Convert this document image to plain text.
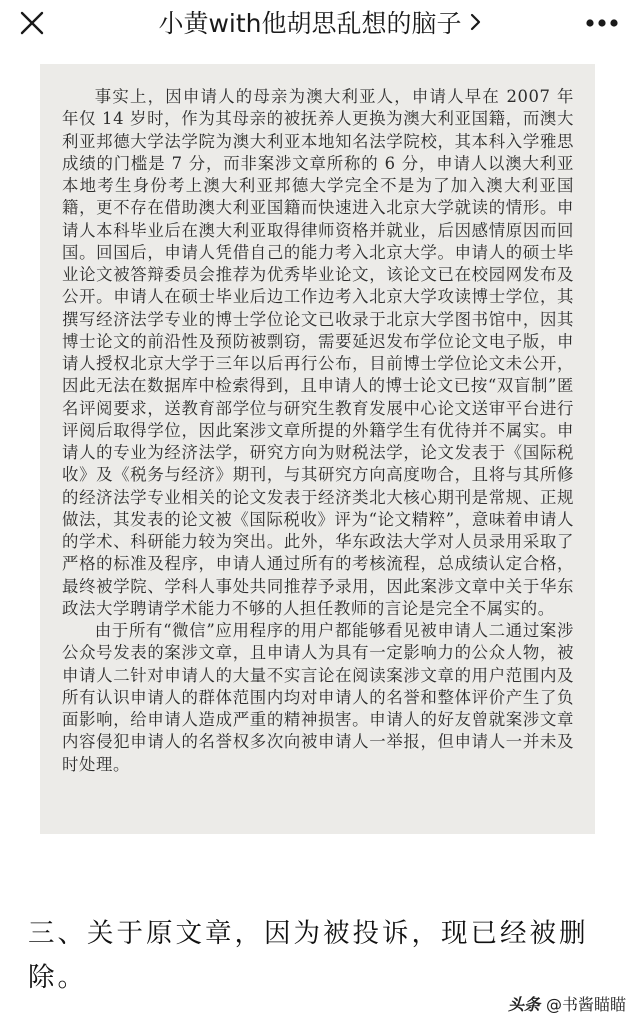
小黄with他胡思乱想的脑子

事实上，因申请人的母亲为澳大利亚人，申请人早在 2007 年年仅 14 岁时，作为其母亲的被抚养人更换为澳大利亚国籍，而澳大利亚邦德大学法学院为澳大利亚本地知名法学院校，其本科入学雅思成绩的门槛是 7 分，而非案涉文章所称的 6 分，申请人以澳大利亚本地考生身份考上澳大利亚邦德大学完全不是为了加入澳大利亚国籍，更不存在借助澳大利亚国籍而快速进入北京大学就读的情形。申请人本科毕业后在澳大利亚取得律师资格并就业，后因感情原因而回国。回国后，申请人凭借自己的能力考入北京大学。申请人的硕士毕业论文被答辩委员会推荐为优秀毕业论文，该论文已在校园网发布及公开。申请人在硕士毕业后边工作边考入北京大学攻读博士学位，其撰写经济法学专业的博士学位论文已收录于北京大学图书馆中，因其博士论文的前沿性及预防被剽窃，需要延迟发布学位论文电子版，申请人授权北京大学于三年以后再行公布，目前博士学位论文未公开，因此无法在数据库中检索得到，且申请人的博士论文已按“双盲制”匿名评阅要求，送教育部学位与研究生教育发展中心论文送审平台进行评阅后取得学位，因此案涉文章所提的外籍学生有优待并不属实。申请人的专业为经济法学，研究方向为财税法学，论文发表于《国际税收》及《税务与经济》期刊，与其研究方向高度吻合，且将与其所修的经济法学专业相关的论文发表于经济类北大核心期刊是常规、正规做法，其发表的论文被《国际税收》评为“论文精粹”，意味着申请人的学术、科研能力较为突出。此外，华东政法大学对人员录用采取了严格的标准及程序，申请人通过所有的考核流程，总成绩认定合格，最终被学院、学科人事处共同推荐予录用，因此案涉文章中关于华东政法大学聘请学术能力不够的人担任教师的言论是完全不属实的。

由于所有“微信”应用程序的用户都能够看见被申请人二通过案涉公众号发表的案涉文章，且申请人为具有一定影响力的公众人物，被申请人二针对申请人的大量不实言论在阅读案涉文章的用户范围内及所有认识申请人的群体范围内均对申请人的名誉和整体评价产生了负面影响，给申请人造成严重的精神损害。申请人的好友曾就案涉文章内容侵犯申请人的名誉权多次向被申请人一举报，但申请人一并未及时处理。

三、关于原文章，因为被投诉，现已经被删除。
头条 @书酱瞄瞄
